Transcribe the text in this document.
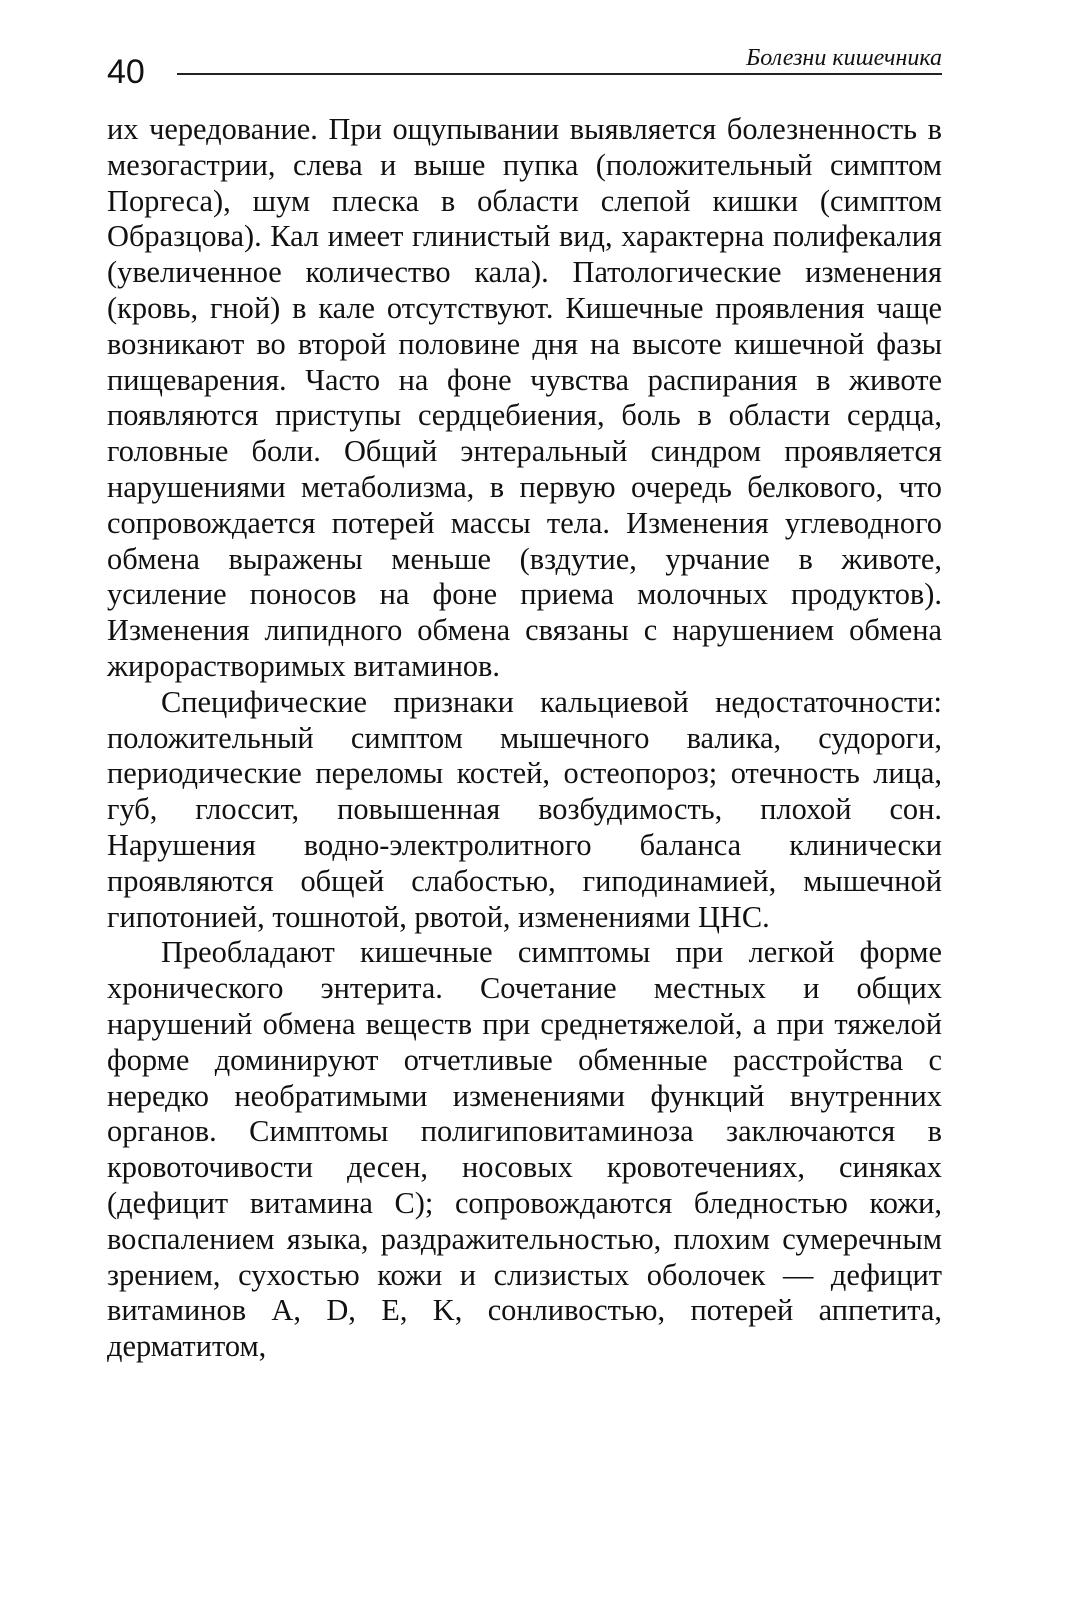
40	Болезни кишечника

их чередование. При ощупывании выявляется болезненность в мезогастрии, слева и выше пупка (положительный симптом Поргеса), шум плеска в области слепой кишки (симптом Образцова). Кал имеет глинистый вид, характерна полифекалия (увеличенное количество кала). Патологические изменения (кровь, гной) в кале отсутствуют. Кишечные проявления чаще возникают во второй половине дня на высоте кишечной фазы пищеварения. Часто на фоне чувства распирания в животе появляются приступы сердцебиения, боль в области сердца, головные боли. Общий энтеральный синдром проявляется нарушениями метаболизма, в первую очередь белкового, что сопровождается потерей массы тела. Изменения углеводного обмена выражены меньше (вздутие, урчание в животе, усиление поносов на фоне приема молочных продуктов). Изменения липидного обмена связаны с нарушением обмена жирорастворимых витаминов.

Специфические признаки кальциевой недостаточности: положительный симптом мышечного валика, судороги, периодические переломы костей, остеопороз; отечность лица, губ, глоссит, повышенная возбудимость, плохой сон. Нарушения водно-электролитного баланса клинически проявляются общей слабостью, гиподинамией, мышечной гипотонией, тошнотой, рвотой, изменениями ЦНС.

Преобладают кишечные симптомы при легкой форме хронического энтерита. Сочетание местных и общих нарушений обмена веществ при среднетяжелой, а при тяжелой форме доминируют отчетливые обменные расстройства с нередко необратимыми изменениями функций внутренних органов. Симптомы полигиповитаминоза заключаются в кровоточивости десен, носовых кровотечениях, синяках (дефицит витамина С); сопровождаются бледностью кожи, воспалением языка, раздражительностью, плохим сумеречным зрением, сухостью кожи и слизистых оболочек — дефицит витаминов A, D, E, K, сонливостью, потерей аппетита, дерматитом,
